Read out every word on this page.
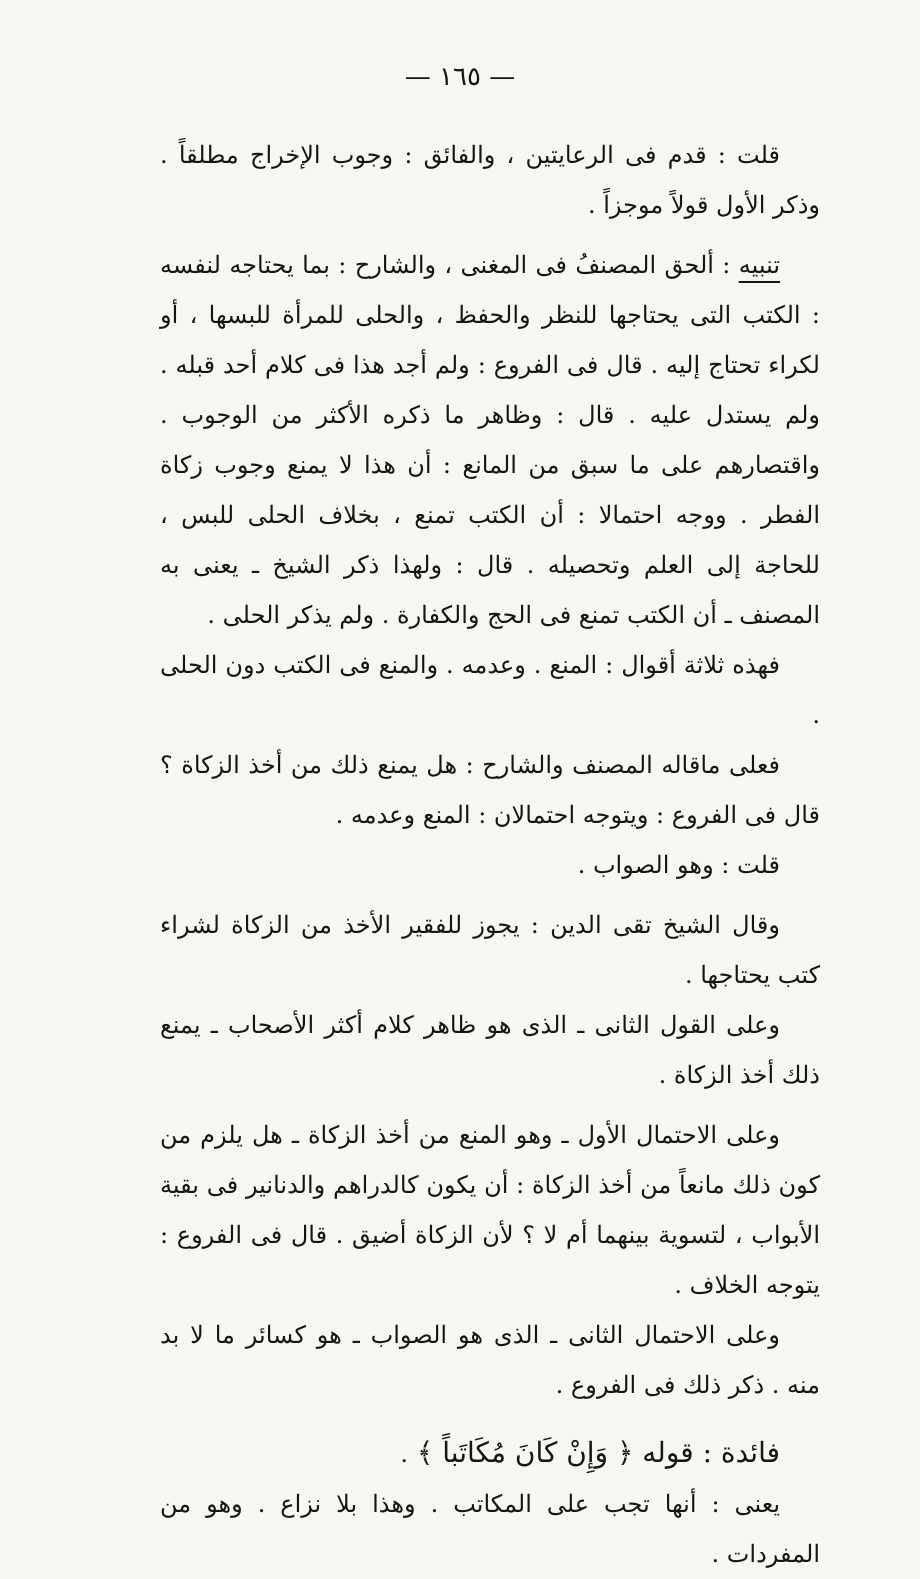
— ١٦٥ —

قلت : قدم فى الرعايتين ، والفائق : وجوب الإخراج مطلقاً . وذكر الأول قولاً موجزاً .

تنبيه : ألحق المصنفُ فى المغنى ، والشارح : بما يحتاجه لنفسه : الكتب التى يحتاجها للنظر والحفظ ، والحلى للمرأة للبسها ، أو لكراء تحتاج إليه . قال فى الفروع : ولم أجد هذا فى كلام أحد قبله . ولم يستدل عليه . قال : وظاهر ما ذكره الأكثر من الوجوب . واقتصارهم على ما سبق من المانع : أن هذا لا يمنع وجوب زكاة الفطر . ووجه احتمالا : أن الكتب تمنع ، بخلاف الحلى للبس ، للحاجة إلى العلم وتحصيله . قال : ولهذا ذكر الشيخ ـ يعنى به المصنف ـ أن الكتب تمنع فى الحج والكفارة . ولم يذكر الحلى .

فهذه ثلاثة أقوال : المنع . وعدمه . والمنع فى الكتب دون الحلى .

فعلى ماقاله المصنف والشارح : هل يمنع ذلك من أخذ الزكاة ؟ قال فى الفروع : ويتوجه احتمالان : المنع وعدمه .

قلت : وهو الصواب .

وقال الشيخ تقى الدين : يجوز للفقير الأخذ من الزكاة لشراء كتب يحتاجها .

وعلى القول الثانى ـ الذى هو ظاهر كلام أكثر الأصحاب ـ يمنع ذلك أخذ الزكاة .

وعلى الاحتمال الأول ـ وهو المنع من أخذ الزكاة ـ هل يلزم من كون ذلك مانعاً من أخذ الزكاة : أن يكون كالدراهم والدنانير فى بقية الأبواب ، لتسوية بينهما أم لا ؟ لأن الزكاة أضيق . قال فى الفروع : يتوجه الخلاف .

وعلى الاحتمال الثانى ـ الذى هو الصواب ـ هو كسائر ما لا بد منه . ذكر ذلك فى الفروع .

فائدة : قوله ﴿ وَإِنْ كَانَ مُكَاتَباً ﴾ .

يعنى : أنها تجب على المكاتب . وهذا بلا نزاع . وهو من المفردات .
